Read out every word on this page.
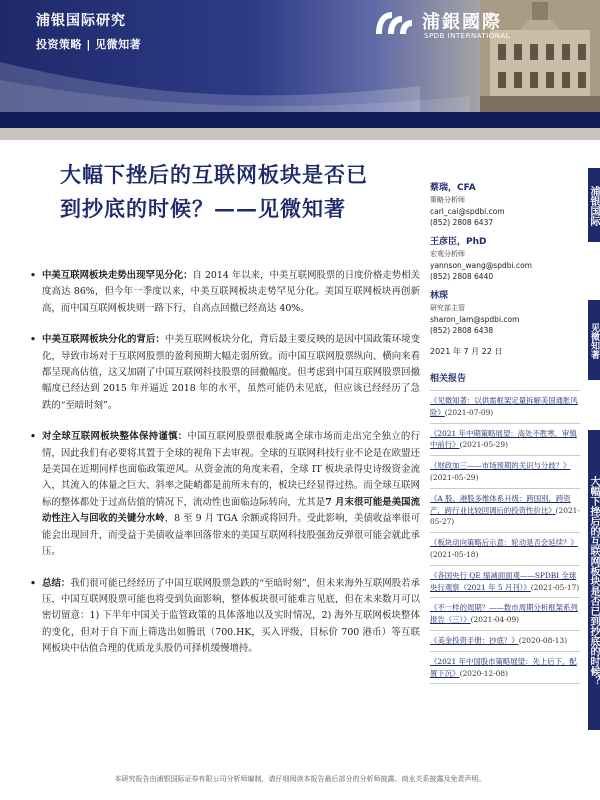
浦银国际研究
投资策略 | 见微知著
浦銀國際
SPDB INTERNATIONAL
大幅下挫后的互联网板块是否已
到抄底的时候？——见微知著
• 中美互联网板块走势出现罕见分化：自 2014 年以来，中美互联网股票的日度价格走势相关度高达 86%，但今年一季度以来，中美互联网板块走势罕见分化。美国互联网板块再创新高，而中国互联网板块则一路下行，自高点回撤已经高达 40%。
• 中美互联网板块分化的背后：中美互联网板块分化，背后最主要反映的是因中国政策环境变化，导致市场对于互联网股票的盈利预期大幅走弱所致。而中国互联网股票纵向、横向来看都呈现高估值，这又加剧了中国互联网科技股票的回撤幅度。但考虑到中国互联网股票回撤幅度已经达到 2015 年并逼近 2018 年的水平，虽然可能仍未见底，但应该已经经历了急跌的“至暗时刻”。
• 对全球互联网板块整体保持谨慎：中国互联网股票很难脱离全球市场而走出完全独立的行情，因此我们有必要将其置于全球的视角下去审视。全球的互联网科技行业不论是在欧盟还是美国在近期同样也面临政策逆风。从资金流的角度来看，全球 IT 板块录得史诗级资金流入，其流入的体量之巨大、斜率之陡峭都是前所未有的，板块已经显得过热。而全球互联网标的整体都处于过高估值的情况下，流动性也面临边际转向，尤其是7 月末很可能是美国流动性注入与回收的关键分水岭，8 至 9 月 TGA 余额或将回升。受此影响，美债收益率很可能会出现回升，而受益于美债收益率回落带来的美国互联网科技股强劲反弹很可能会就此承压。
• 总结：我们很可能已经经历了中国互联网股票急跌的“至暗时刻”，但未来海外互联网股若承压，中国互联网股票可能也将受到负面影响，整体板块很可能难言见底，但在未来数月可以密切留意：1) 下半年中国关于监管政策的具体落地以及实时情况，2) 海外互联网板块整体的变化，但对于自下而上筛选出如腾讯（700.HK，买入评级，目标价 700 港币）等互联网板块中估值合理的优质龙头股仍可择机缓慢增持。
蔡瑞，CFA
策略分析师
carl_cai@spdbi.com
(852) 2808 6437
王彦臣，PhD
宏观分析师
yannson_wang@spdbi.com
(852) 2808 6440
林琛
研究部主管
sharon_lam@spdbi.com
(852) 2808 6438
2021 年 7 月 22 日
相关报告
《见微知著：以供需框架定量拆解美国通胀风险》(2021-07-09)
《2021 年中期策略展望：高处不胜寒，审慎中前行》(2021-05-29)
《财政加三——市场预期的关识与分歧？》(2021-05-29)
《A 股、港股多维体系升级：跨国别，跨资产，跨行业比较回调后的投资性价比》(2021-05-27)
《板块动向策略后示意：轮动是否会延续？》(2021-05-18)
《各国央行 QE 缩减面面观——SPDBI 全球央行观察（2021 年 5 月刊）》(2021-05-17)
《不一样的周期？——数市周期分析框架系列报告（三）》(2021-04-09)
《美金投资手册：抄底？》(2020-08-13)
《2021 年中国股市策略展望：先上后下，配置下沉》(2020-12-08)
浦银国际
见微知著
大幅下挫后的互联网板块是否已到抄底的时候？
本研究报告由浦银国际证券有限公司分析师编制，请仔细阅读本报告最后部分的分析师披露、商业关系披露及免责声明。
